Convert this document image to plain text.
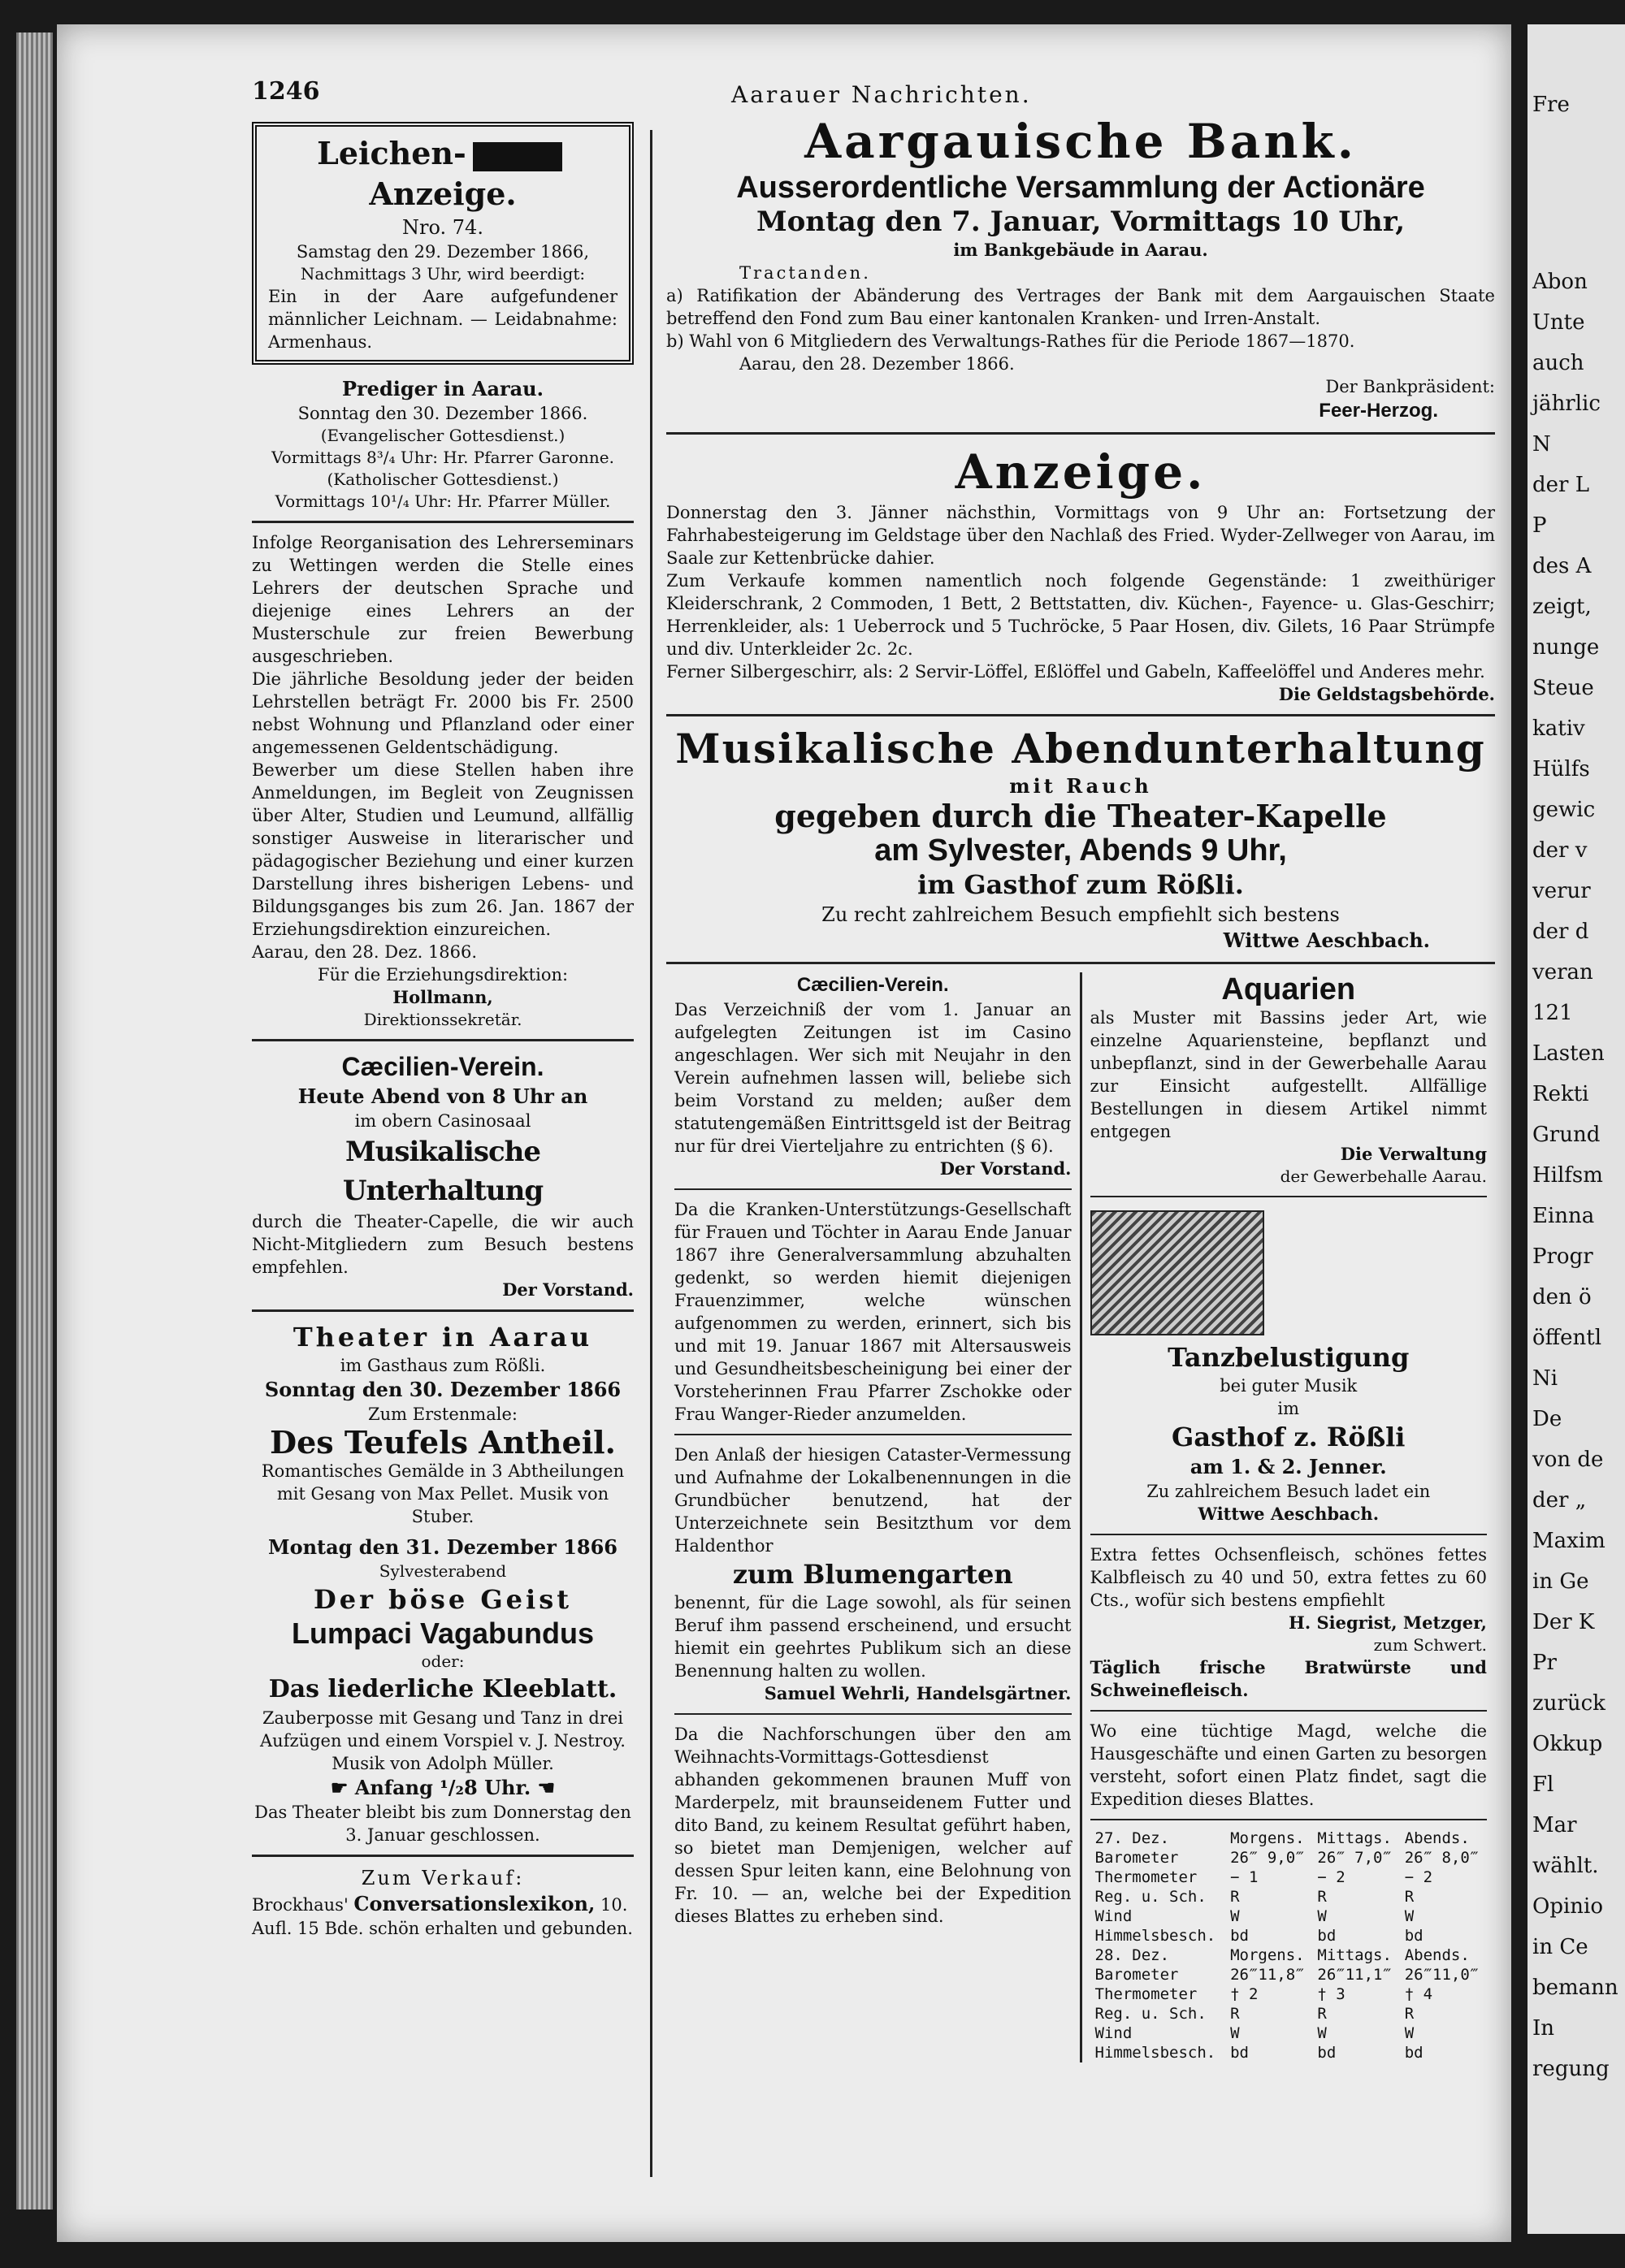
1246	Aarauer Nachrichten.
Leichen-Anzeige.
Nro. 74.
Samstag den 29. Dezember 1866,
Nachmittags 3 Uhr, wird beerdigt:
Ein in der Aare aufgefundener männlicher Leichnam. — Leidabnahme: Armenhaus.
Prediger in Aarau.
Sonntag den 30. Dezember 1866.
(Evangelischer Gottesdienst.)
Vormittags 8³/₄ Uhr: Hr. Pfarrer Garonne.
(Katholischer Gottesdienst.)
Vormittags 10¹/₄ Uhr: Hr. Pfarrer Müller.
Infolge Reorganisation des Lehrerseminars zu Wettingen werden die Stelle eines Lehrers der deutschen Sprache und diejenige eines Lehrers an der Musterschule zur freien Bewerbung ausgeschrieben.
Die jährliche Besoldung jeder der beiden Lehrstellen beträgt Fr. 2000 bis Fr. 2500 nebst Wohnung und Pflanzland oder einer angemessenen Geldentschädigung.
Bewerber um diese Stellen haben ihre Anmeldungen, im Begleit von Zeugnissen über Alter, Studien und Leumund, allfällig sonstiger Ausweise in literarischer und pädagogischer Beziehung und einer kurzen Darstellung ihres bisherigen Lebens- und Bildungsganges bis zum 26. Jan. 1867 der Erziehungsdirektion einzureichen.
Aarau, den 28. Dez. 1866.
Für die Erziehungsdirektion:
Hollmann,
Direktionssekretär.
Cæcilien-Verein.
Heute Abend von 8 Uhr an
im obern Casinosaal
Musikalische Unterhaltung
durch die Theater-Capelle, die wir auch Nicht-Mitgliedern zum Besuch bestens empfehlen.
Der Vorstand.
Theater in Aarau
im Gasthaus zum Rößli.
Sonntag den 30. Dezember 1866
Zum Erstenmale:
Des Teufels Antheil.
Romantisches Gemälde in 3 Abtheilungen mit Gesang von Max Pellet. Musik von Stuber.
Montag den 31. Dezember 1866
Sylvesterabend
Der böse Geist
Lumpaci Vagabundus
oder:
Das liederliche Kleeblatt.
Zauberposse mit Gesang und Tanz in drei Aufzügen und einem Vorspiel v. J. Nestroy. Musik von Adolph Müller.
☛ Anfang ¹/₂8 Uhr. ☚
Das Theater bleibt bis zum Donnerstag den 3. Januar geschlossen.
Zum Verkauf:
Brockhaus' Conversationslexikon, 10. Aufl. 15 Bde. schön erhalten und gebunden.
Aargauische Bank.
Ausserordentliche Versammlung der Actionäre
Montag den 7. Januar, Vormittags 10 Uhr,
im Bankgebäude in Aarau.
Tractanden.
a) Ratifikation der Abänderung des Vertrages der Bank mit dem Aargauischen Staate betreffend den Fond zum Bau einer kantonalen Kranken- und Irren-Anstalt.
b) Wahl von 6 Mitgliedern des Verwaltungs-Rathes für die Periode 1867—1870.
Aarau, den 28. Dezember 1866.
Der Bankpräsident:
Feer-Herzog.
Anzeige.
Donnerstag den 3. Jänner nächsthin, Vormittags von 9 Uhr an: Fortsetzung der Fahrhabesteigerung im Geldstage über den Nachlaß des Fried. Wyder-Zellweger von Aarau, im Saale zur Kettenbrücke dahier.
Zum Verkaufe kommen namentlich noch folgende Gegenstände: 1 zweithüriger Kleiderschrank, 2 Commoden, 1 Bett, 2 Bettstatten, div. Küchen-, Fayence- u. Glas-Geschirr; Herrenkleider, als: 1 Ueberrock und 5 Tuchröcke, 5 Paar Hosen, div. Gilets, 16 Paar Strümpfe und div. Unterkleider 2c. 2c.
Ferner Silbergeschirr, als: 2 Servir-Löffel, Eßlöffel und Gabeln, Kaffeelöffel und Anderes mehr.
Die Geldstagsbehörde.
Musikalische Abendunterhaltung
mit Rauch
gegeben durch die Theater-Kapelle
am Sylvester, Abends 9 Uhr,
im Gasthof zum Rößli.
Zu recht zahlreichem Besuch empfiehlt sich bestens
Wittwe Aeschbach.
Cæcilien-Verein.
Das Verzeichniß der vom 1. Januar an aufgelegten Zeitungen ist im Casino angeschlagen. Wer sich mit Neujahr in den Verein aufnehmen lassen will, beliebe sich beim Vorstand zu melden; außer dem statutengemäßen Eintrittsgeld ist der Beitrag nur für drei Vierteljahre zu entrichten (§ 6).
Der Vorstand.
Da die Kranken-Unterstützungs-Gesellschaft für Frauen und Töchter in Aarau Ende Januar 1867 ihre Generalversammlung abzuhalten gedenkt, so werden hiemit diejenigen Frauenzimmer, welche wünschen aufgenommen zu werden, erinnert, sich bis und mit 19. Januar 1867 mit Altersausweis und Gesundheitsbescheinigung bei einer der Vorsteherinnen Frau Pfarrer Zschokke oder Frau Wanger-Rieder anzumelden.
Den Anlaß der hiesigen Cataster-Vermessung und Aufnahme der Lokalbenennungen in die Grundbücher benutzend, hat der Unterzeichnete sein Besitzthum vor dem Haldenthor
zum Blumengarten
benennt, für die Lage sowohl, als für seinen Beruf ihm passend erscheinend, und ersucht hiemit ein geehrtes Publikum sich an diese Benennung halten zu wollen.
Samuel Wehrli, Handelsgärtner.
Da die Nachforschungen über den am Weihnachts-Vormittags-Gottesdienst abhanden gekommenen braunen Muff von Marderpelz, mit braunseidenem Futter und dito Band, zu keinem Resultat geführt haben, so bietet man Demjenigen, welcher auf dessen Spur leiten kann, eine Belohnung von Fr. 10. — an, welche bei der Expedition dieses Blattes zu erheben sind.
Aquarien
als Muster mit Bassins jeder Art, wie einzelne Aquariensteine, bepflanzt und unbepflanzt, sind in der Gewerbehalle Aarau zur Einsicht aufgestellt. Allfällige Bestellungen in diesem Artikel nimmt entgegen
Die Verwaltung
der Gewerbehalle Aarau.
Tanzbelustigung
bei guter Musik
im
Gasthof z. Rößli
am 1. & 2. Jenner.
Zu zahlreichem Besuch ladet ein
Wittwe Aeschbach.
Extra fettes Ochsenfleisch, schönes fettes Kalbfleisch zu 40 und 50, extra fettes zu 60 Cts., wofür sich bestens empfiehlt
H. Siegrist, Metzger,
zum Schwert.
Täglich frische Bratwürste und Schweinefleisch.
Wo eine tüchtige Magd, welche die Hausgeschäfte und einen Garten zu besorgen versteht, sofort einen Platz findet, sagt die Expedition dieses Blattes.
27. Dez.	Morgens.	Mittags.	Abends.
Barometer	26‴ 9,0‴	26‴ 7,0‴	26‴ 8,0‴
Thermometer	− 1	− 2	− 2
Reg. u. Sch.	R	R	R
Wind	W	W	W
Himmelsbesch.	bd	bd	bd
28. Dez.	Morgens.	Mittags.	Abends.
Barometer	26‴11,8‴	26‴11,1‴	26‴11,0‴
Thermometer	† 2	† 3	† 4
Reg. u. Sch.	R	R	R
Wind	W	W	W
Himmelsbesch.	bd	bd	bd
Fre
Abon
Unte
auch
jährlic
N
der L
P
des A
zeigt,
nunge
Steue
kativ
Hülfs
gewic
der v
verur
der d
veran
121
Lasten
Rekti
Grund
Hilfsm
Einna
Progr
den ö
öffentl
Ni
De
von de
der „
Maxim
in Ge
Der K
Pr
zurück
Okkup
Fl
Mar
wählt.
Opinio
in Ce
bemann
In
regung
